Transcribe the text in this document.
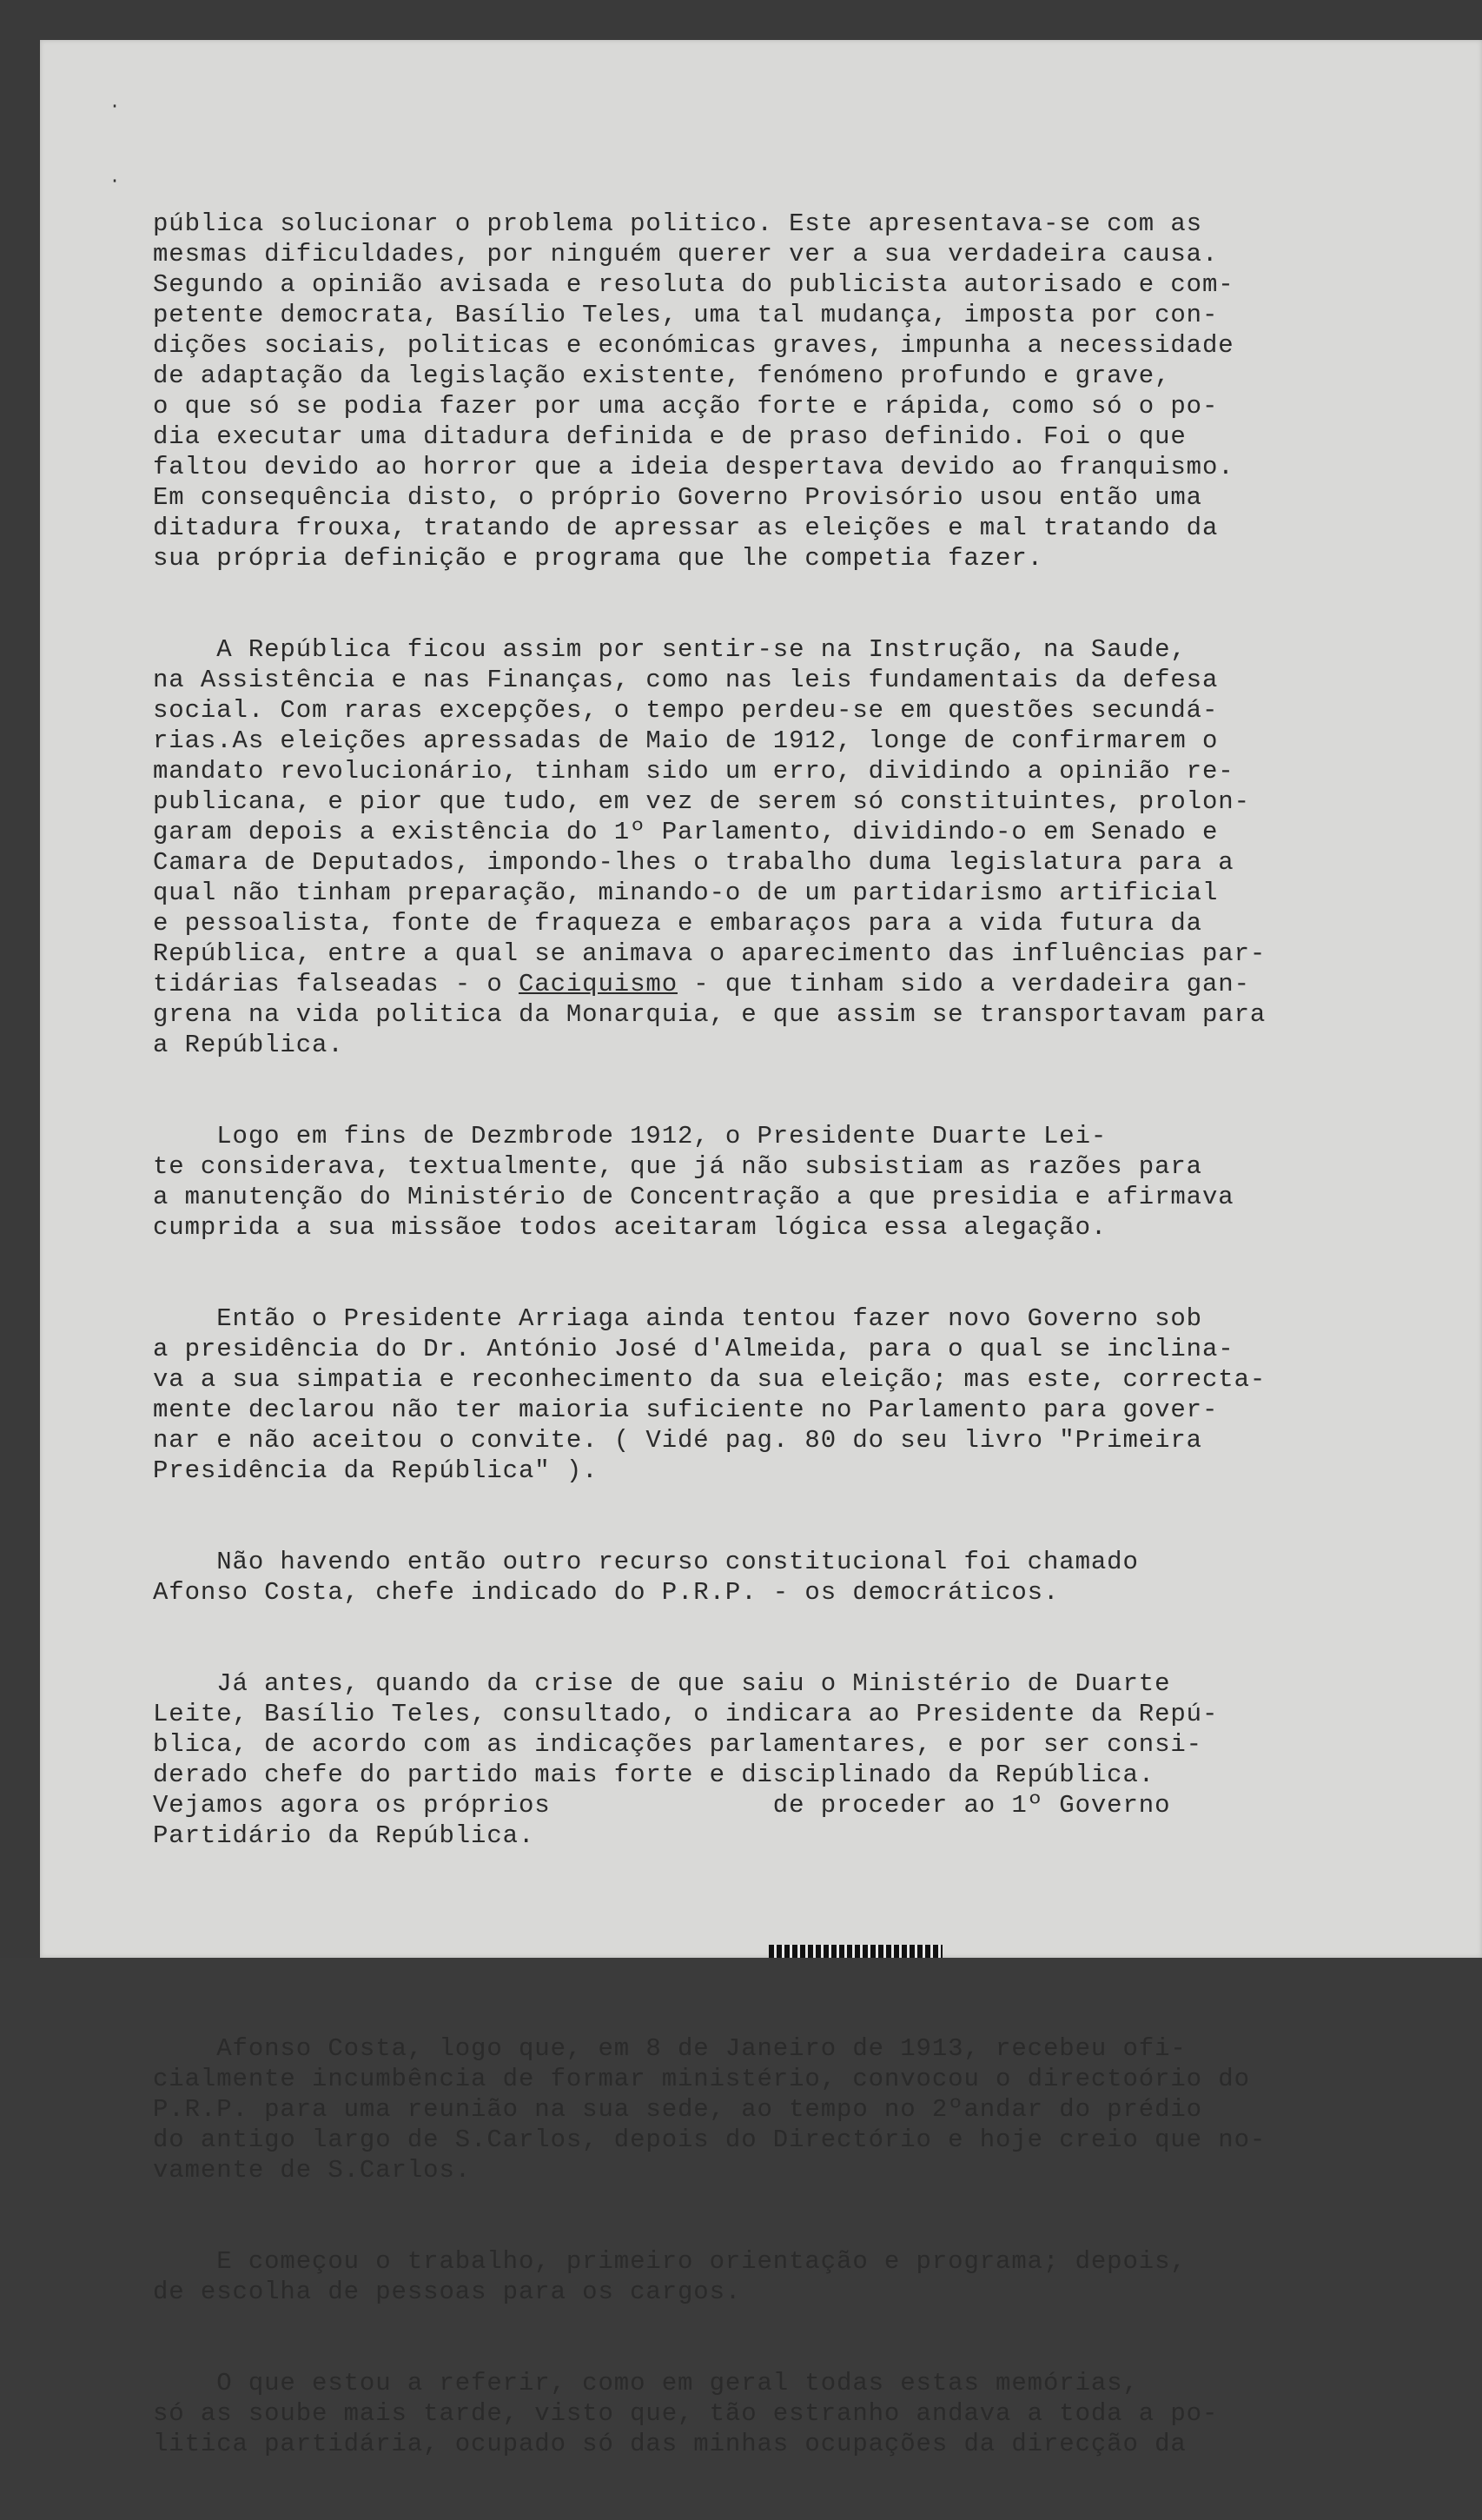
·
·

pública solucionar o problema politico. Este apresentava-se com as
mesmas dificuldades, por ninguém querer ver a sua verdadeira causa.
Segundo a opinião avisada e resoluta do publicista autorisado e com-
petente democrata, Basílio Teles, uma tal mudança, imposta por con-
dições sociais, politicas e económicas graves, impunha a necessidade
de adaptação da legislação existente, fenómeno profundo e grave,
o que só se podia fazer por uma acção forte e rápida, como só o po-
dia executar uma ditadura definida e de praso definido. Foi o que
faltou devido ao horror que a ideia despertava devido ao franquismo.
Em consequência disto, o próprio Governo Provisório usou então uma
ditadura frouxa, tratando de apressar as eleições e mal tratando da
sua própria definição e programa que lhe competia fazer.

A República ficou assim por sentir-se na Instrução, na Saude,
na Assistência e nas Finanças, como nas leis fundamentais da defesa
social. Com raras excepções, o tempo perdeu-se em questões secundá-
rias.As eleições apressadas de Maio de 1912, longe de confirmarem o
mandato revolucionário, tinham sido um erro, dividindo a opinião re-
publicana, e pior que tudo, em vez de serem só constituintes, prolon-
garam depois a existência do 1º Parlamento, dividindo-o em Senado e
Camara de Deputados, impondo-lhes o trabalho duma legislatura para a
qual não tinham preparação, minando-o de um partidarismo artificial
e pessoalista, fonte de fraqueza e embaraços para a vida futura da
República, entre a qual se animava o aparecimento das influências par-
tidárias falseadas - o Caciquismo - que tinham sido a verdadeira gan-
grena na vida politica da Monarquia, e que assim se transportavam para
a República.

Logo em fins de Dezmbrode 1912, o Presidente Duarte Lei-
te considerava, textualmente, que já não subsistiam as razões para
a manutenção do Ministério de Concentração a que presidia e afirmava
cumprida a sua missãoe todos aceitaram lógica essa alegação.

Então o Presidente Arriaga ainda tentou fazer novo Governo sob
a presidência do Dr. António José d'Almeida, para o qual se inclina-
va a sua simpatia e reconhecimento da sua eleição; mas este, correcta-
mente declarou não ter maioria suficiente no Parlamento para gover-
nar e não aceitou o convite. ( Vidé pag. 80 do seu livro "Primeira
Presidência da República" ).

Não havendo então outro recurso constitucional foi chamado
Afonso Costa, chefe indicado do P.R.P. - os democráticos.

Já antes, quando da crise de que saiu o Ministério de Duarte
Leite, Basílio Teles, consultado, o indicara ao Presidente da Repú-
blica, de acordo com as indicações parlamentares, e por ser consi-
derado chefe do partido mais forte e disciplinado da República.
Vejamos agora os próprios              de proceder ao 1º Governo
Partidário da República.

Afonso Costa, logo que, em 8 de Janeiro de 1913, recebeu ofi-
cialmente incumbência de formar ministério, convocou o directoório do
P.R.P. para uma reunião na sua sede, ao tempo no 2ºandar do prédio
do antigo largo de S.Carlos, depois do Directório e hoje creio que no-
vamente de S.Carlos.

E começou o trabalho, primeiro orientação e programa; depois,
de escolha de pessoas para os cargos.

O que estou a referir, como em geral todas estas memórias,
só as soube mais tarde, visto que, tão estranho andava a toda a po-
litica partidária, ocupado só das minhas ocupações da direcção da
